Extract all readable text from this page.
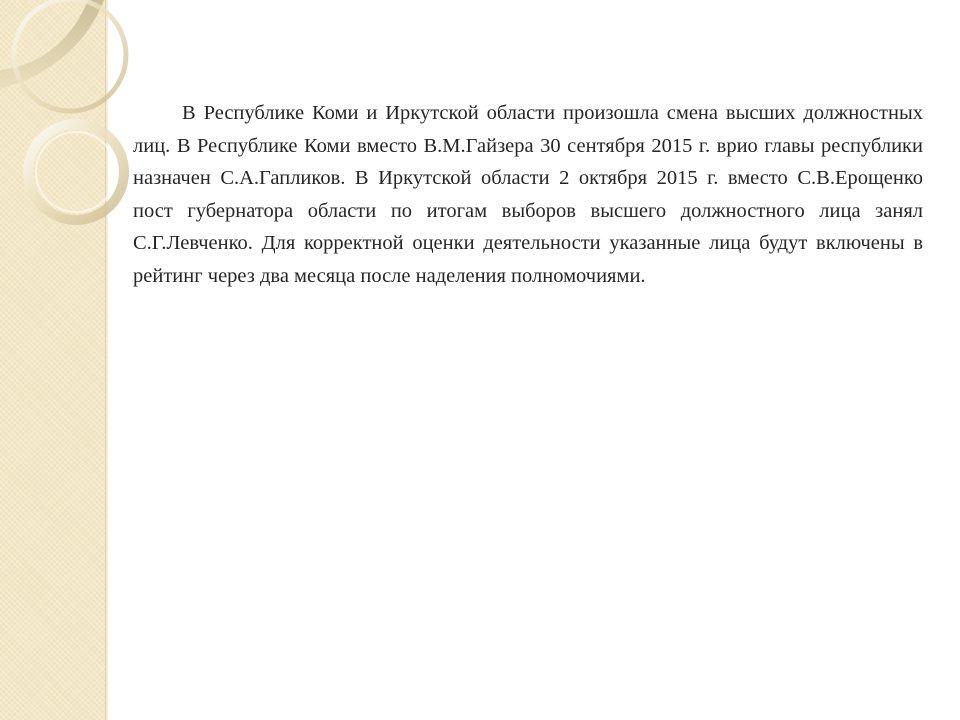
В Республике Коми и Иркутской области произошла смена высших должностных лиц. В Республике Коми вместо В.М.Гайзера 30 сентября 2015 г. врио главы республики назначен С.А.Гапликов. В Иркутской области 2 октября 2015 г. вместо С.В.Ерощенко пост губернатора области по итогам выборов высшего должностного лица занял С.Г.Левченко. Для корректной оценки деятельности указанные лица будут включены в рейтинг через два месяца после наделения полномочиями.
